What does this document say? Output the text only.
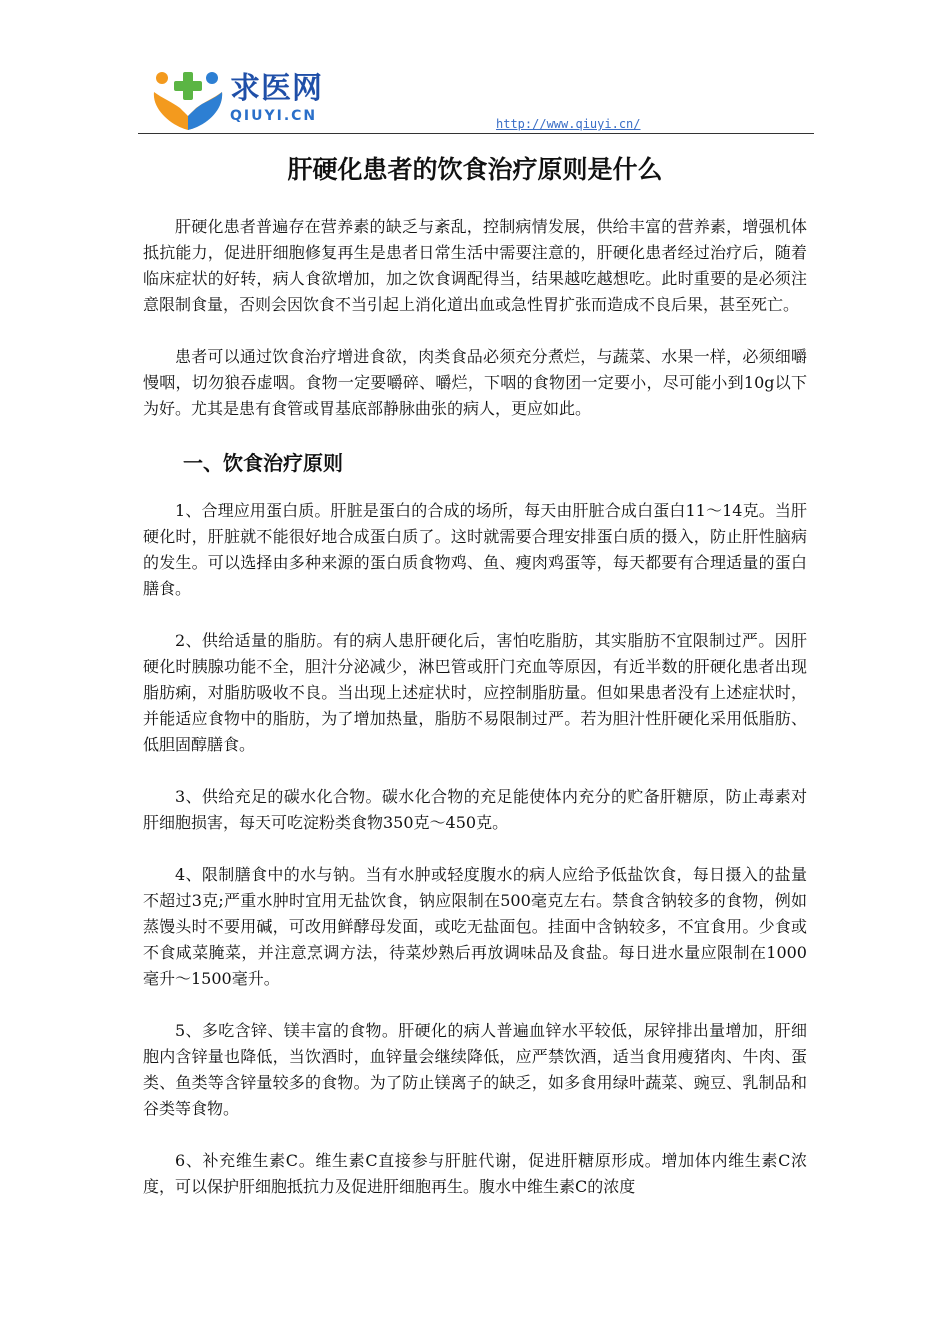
求医网
QIUYI.CN	http://www.qiuyi.cn/
肝硬化患者的饮食治疗原则是什么

肝硬化患者普遍存在营养素的缺乏与紊乱，控制病情发展，供给丰富的营养素，增强机体抵抗能力，促进肝细胞修复再生是患者日常生活中需要注意的，肝硬化患者经过治疗后，随着临床症状的好转，病人食欲增加，加之饮食调配得当，结果越吃越想吃。此时重要的是必须注意限制食量，否则会因饮食不当引起上消化道出血或急性胃扩张而造成不良后果，甚至死亡。

患者可以通过饮食治疗增进食欲，肉类食品必须充分煮烂，与蔬菜、水果一样，必须细嚼慢咽，切勿狼吞虚咽。食物一定要嚼碎、嚼烂，下咽的食物团一定要小，尽可能小到10g以下为好。尤其是患有食管或胃基底部静脉曲张的病人，更应如此。

一、饮食治疗原则

1、合理应用蛋白质。肝脏是蛋白的合成的场所，每天由肝脏合成白蛋白11～14克。当肝硬化时，肝脏就不能很好地合成蛋白质了。这时就需要合理安排蛋白质的摄入，防止肝性脑病的发生。可以选择由多种来源的蛋白质食物鸡、鱼、瘦肉鸡蛋等，每天都要有合理适量的蛋白膳食。

2、供给适量的脂肪。有的病人患肝硬化后，害怕吃脂肪，其实脂肪不宜限制过严。因肝硬化时胰腺功能不全，胆汁分泌减少，淋巴管或肝门充血等原因，有近半数的肝硬化患者出现脂肪痢，对脂肪吸收不良。当出现上述症状时，应控制脂肪量。但如果患者没有上述症状时，并能适应食物中的脂肪，为了增加热量，脂肪不易限制过严。若为胆汁性肝硬化采用低脂肪、低胆固醇膳食。

3、供给充足的碳水化合物。碳水化合物的充足能使体内充分的贮备肝糖原，防止毒素对肝细胞损害，每天可吃淀粉类食物350克～450克。

4、限制膳食中的水与钠。当有水肿或轻度腹水的病人应给予低盐饮食，每日摄入的盐量不超过3克;严重水肿时宜用无盐饮食，钠应限制在500毫克左右。禁食含钠较多的食物，例如蒸馒头时不要用碱，可改用鲜酵母发面，或吃无盐面包。挂面中含钠较多，不宜食用。少食或不食咸菜腌菜，并注意烹调方法，待菜炒熟后再放调味品及食盐。每日进水量应限制在1000毫升～1500毫升。

5、多吃含锌、镁丰富的食物。肝硬化的病人普遍血锌水平较低，尿锌排出量增加，肝细胞内含锌量也降低，当饮酒时，血锌量会继续降低，应严禁饮酒，适当食用瘦猪肉、牛肉、蛋类、鱼类等含锌量较多的食物。为了防止镁离子的缺乏，如多食用绿叶蔬菜、豌豆、乳制品和谷类等食物。

6、补充维生素C。维生素C直接参与肝脏代谢，促进肝糖原形成。增加体内维生素C浓度，可以保护肝细胞抵抗力及促进肝细胞再生。腹水中维生素C的浓度
